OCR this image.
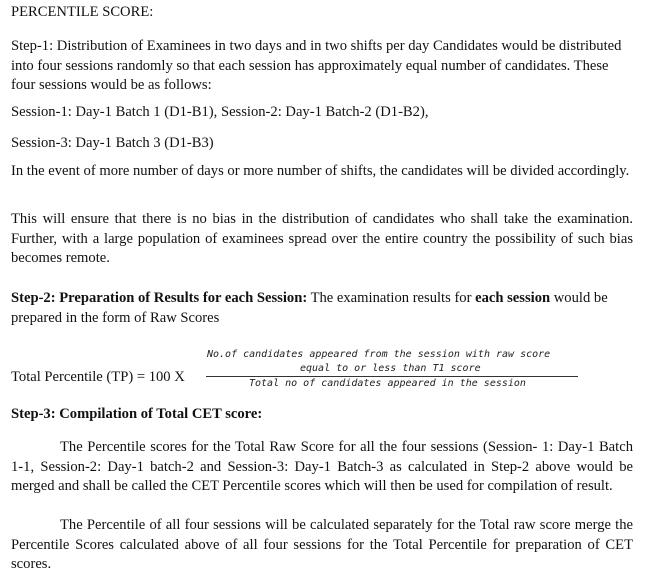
PERCENTILE SCORE:
Step-1: Distribution of Examinees in two days and in two shifts per day Candidates would be distributed into four sessions randomly so that each session has approximately equal number of candidates. These four sessions would be as follows:
Session-1: Day-1 Batch 1 (D1-B1), Session-2: Day-1 Batch-2 (D1-B2),
Session-3: Day-1 Batch 3 (D1-B3)
In the event of more number of days or more number of shifts, the candidates will be divided accordingly.
This will ensure that there is no bias in the distribution of candidates who shall take the examination. Further, with a large population of examinees spread over the entire country the possibility of such bias becomes remote.
Step-2: Preparation of Results for each Session: The examination results for each session would be prepared in the form of Raw Scores
Total Percentile (TP) = 100 X
No.of candidates appeared from the session with raw score
equal to or less than T1 score
Total no of candidates appeared in the session
Step-3: Compilation of Total CET score:
The Percentile scores for the Total Raw Score for all the four sessions (Session- 1: Day-1 Batch 1-1, Session-2: Day-1 batch-2 and Session-3: Day-1 Batch-3 as calculated in Step-2 above would be merged and shall be called the CET Percentile scores which will then be used for compilation of result.
The Percentile of all four sessions will be calculated separately for the Total raw score merge the Percentile Scores calculated above of all four sessions for the Total Percentile for preparation of CET scores.
